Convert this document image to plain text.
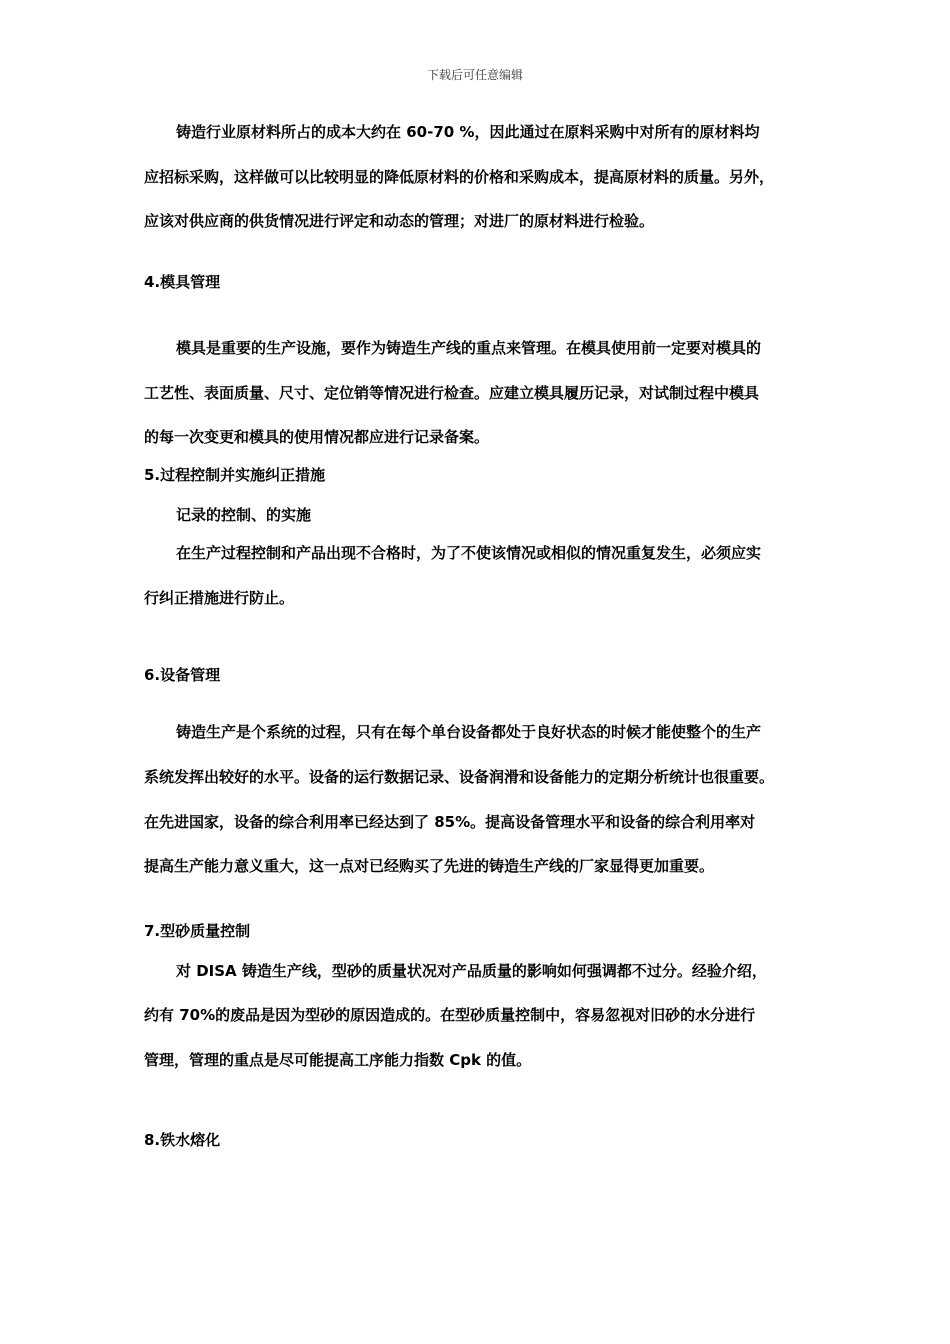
下载后可任意编辑
铸造行业原材料所占的成本大约在 60-70 %，因此通过在原料采购中对所有的原材料均
应招标采购，这样做可以比较明显的降低原材料的价格和采购成本，提高原材料的质量。另外，
应该对供应商的供货情况进行评定和动态的管理；对进厂的原材料进行检验。
4.模具管理
模具是重要的生产设施，要作为铸造生产线的重点来管理。在模具使用前一定要对模具的
工艺性、表面质量、尺寸、定位销等情况进行检查。应建立模具履历记录，对试制过程中模具
的每一次变更和模具的使用情况都应进行记录备案。
5.过程控制并实施纠正措施
记录的控制、的实施
在生产过程控制和产品出现不合格时，为了不使该情况或相似的情况重复发生，必须应实
行纠正措施进行防止。
6.设备管理
铸造生产是个系统的过程，只有在每个单台设备都处于良好状态的时候才能使整个的生产
系统发挥出较好的水平。设备的运行数据记录、设备润滑和设备能力的定期分析统计也很重要。
在先进国家，设备的综合利用率已经达到了 85%。提高设备管理水平和设备的综合利用率对
提高生产能力意义重大，这一点对已经购买了先进的铸造生产线的厂家显得更加重要。
7.型砂质量控制
对 DISA 铸造生产线，型砂的质量状况对产品质量的影响如何强调都不过分。经验介绍，
约有 70%的废品是因为型砂的原因造成的。在型砂质量控制中，容易忽视对旧砂的水分进行
管理，管理的重点是尽可能提高工序能力指数 Cpk 的值。
8.铁水熔化
